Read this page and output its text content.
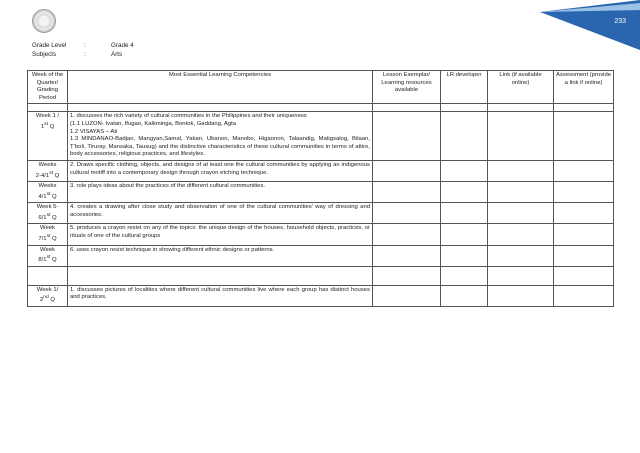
233
Grade Level	:	Grade 4
Subjects	:	Arts
Week of the Quarter/ Grading Period	Most Essential Learning Competencies	Lesson Exemplar/ Learning resources available	LR developer	Link (if available online)	Assessment (provide a link if online)

Week 1 /
1st Q	1. discusses the rich variety of cultural communities in the Philippines and their uniqueness
(1.1 LUZON- Ivatan, Ifugao, Kalkminga, Bontok, Gaddang, Agta
1.2 VISAYAS – Ati
1.3 MINDANAO-Badjao, Mangyan,Samal, Yakan, Ubanon, Manobo, Higaonon, Talaandig, Matigsalog, Bilaan, T’boli, Tiruray, Mansaka, Tausug) and the distinctive characteristics of these cultural communities in terms of attire, body accessories, religious practices, and lifestyles.				

Weeks
2-4/1st Q	2. Draws specific clothing, objects, and designs of at least one the cultural communities by applying an indigenous cultural motiff into a contemporary design through crayon etching technique.				
Weeks
4/1st Q	3. role plays ideas about the practices of the different cultural communities.				
Week 5-
6/1st Q	4. creates a drawing after close study and observation of one of the cultural communities’ way of dressing and accessories.				
Week
7/1st Q	5. produces a crayon resist on any of the topics: the unique design of the houses, household objects, practices, or rituals of one of the cultural groups				
Week
8/1st Q	6. uses crayon resist technique in showing different ethnic designs or patterns.				

Week 1/
2nd Q	1. discusses pictures of localities where different cultural communities live where each group has distinct houses and practices.				
